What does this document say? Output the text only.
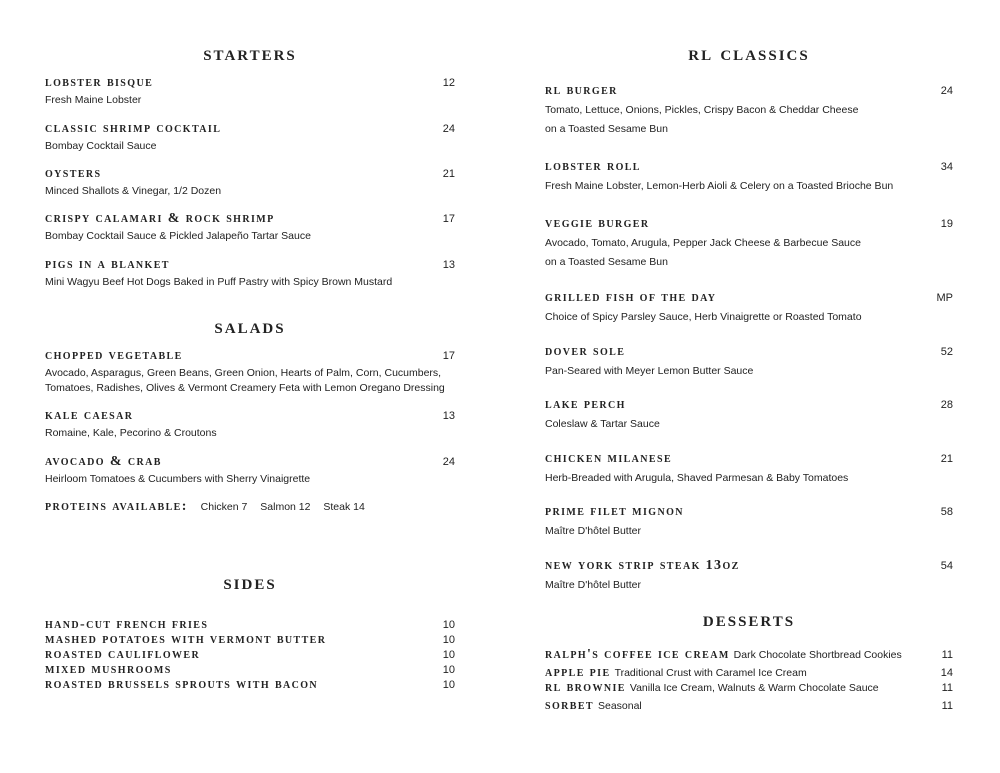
starters
lobster bisque	12
Fresh Maine Lobster
classic shrimp cocktail	24
Bombay Cocktail Sauce
oysters	21
Minced Shallots & Vinegar, 1/2 Dozen
crispy calamari & rock shrimp	17
Bombay Cocktail Sauce & Pickled Jalapeño Tartar Sauce
pigs in a blanket	13
Mini Wagyu Beef Hot Dogs Baked in Puff Pastry with Spicy Brown Mustard
salads
chopped vegetable	17
Avocado, Asparagus, Green Beans, Green Onion, Hearts of Palm, Corn, Cucumbers,
Tomatoes, Radishes, Olives & Vermont Creamery Feta with Lemon Oregano Dressing
kale caesar	13
Romaine, Kale, Pecorino & Croutons
avocado & crab	24
Heirloom Tomatoes & Cucumbers with Sherry Vinaigrette
proteins available: Chicken 7 Salmon 12 Steak 14
sides
hand-cut french fries	10
mashed potatoes with vermont butter	10
roasted cauliflower	10
mixed mushrooms	10
roasted brussels sprouts with bacon	10
rl classics
rl burger	24
Tomato, Lettuce, Onions, Pickles, Crispy Bacon & Cheddar Cheese
on a Toasted Sesame Bun
lobster roll	34
Fresh Maine Lobster, Lemon-Herb Aioli & Celery on a Toasted Brioche Bun
veggie burger	19
Avocado, Tomato, Arugula, Pepper Jack Cheese & Barbecue Sauce
on a Toasted Sesame Bun
grilled fish of the day	MP
Choice of Spicy Parsley Sauce, Herb Vinaigrette or Roasted Tomato
dover sole	52
Pan-Seared with Meyer Lemon Butter Sauce
lake perch	28
Coleslaw & Tartar Sauce
chicken milanese	21
Herb-Breaded with Arugula, Shaved Parmesan & Baby Tomatoes
prime filet mignon	58
Maître D'hôtel Butter
new york strip steak 13oz	54
Maître D'hôtel Butter
desserts
ralph's coffee ice cream Dark Chocolate Shortbread Cookies	11
apple pie Traditional Crust with Caramel Ice Cream	14
rl brownie Vanilla Ice Cream, Walnuts & Warm Chocolate Sauce	11
sorbet Seasonal	11
